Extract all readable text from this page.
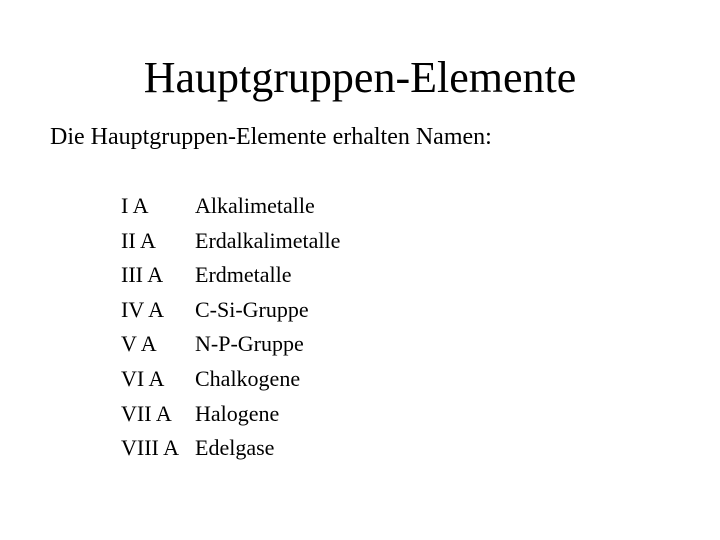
Hauptgruppen-Elemente
Die Hauptgruppen-Elemente erhalten Namen:
I A Alkalimetalle
II A Erdalkalimetalle
III A Erdmetalle
IV A C-Si-Gruppe
V A N-P-Gruppe
VI A Chalkogene
VII A Halogene
VIII A Edelgase
